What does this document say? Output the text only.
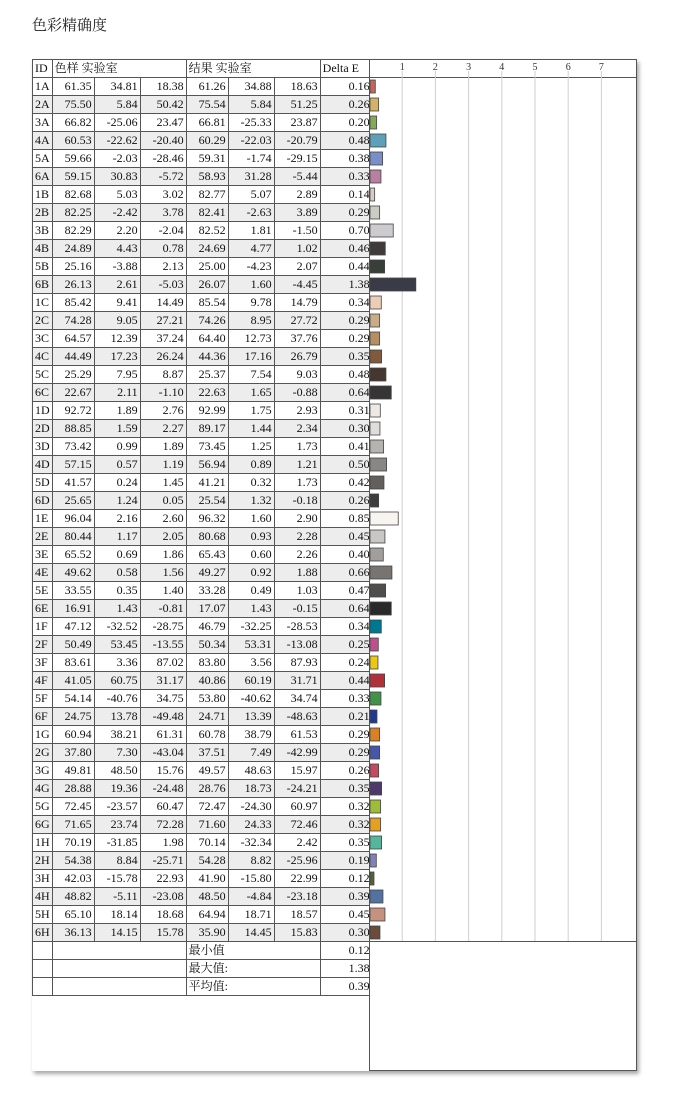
色彩精确度
ID	色样 实验室			结果 实验室			Delta E
1A	61.35	34.81	18.38	61.26	34.88	18.63	0.16
2A	75.50	5.84	50.42	75.54	5.84	51.25	0.26
3A	66.82	-25.06	23.47	66.81	-25.33	23.87	0.20
4A	60.53	-22.62	-20.40	60.29	-22.03	-20.79	0.48
5A	59.66	-2.03	-28.46	59.31	-1.74	-29.15	0.38
6A	59.15	30.83	-5.72	58.93	31.28	-5.44	0.33
1B	82.68	5.03	3.02	82.77	5.07	2.89	0.14
2B	82.25	-2.42	3.78	82.41	-2.63	3.89	0.29
3B	82.29	2.20	-2.04	82.52	1.81	-1.50	0.70
4B	24.89	4.43	0.78	24.69	4.77	1.02	0.46
5B	25.16	-3.88	2.13	25.00	-4.23	2.07	0.44
6B	26.13	2.61	-5.03	26.07	1.60	-4.45	1.38
1C	85.42	9.41	14.49	85.54	9.78	14.79	0.34
2C	74.28	9.05	27.21	74.26	8.95	27.72	0.29
3C	64.57	12.39	37.24	64.40	12.73	37.76	0.29
4C	44.49	17.23	26.24	44.36	17.16	26.79	0.35
5C	25.29	7.95	8.87	25.37	7.54	9.03	0.48
6C	22.67	2.11	-1.10	22.63	1.65	-0.88	0.64
1D	92.72	1.89	2.76	92.99	1.75	2.93	0.31
2D	88.85	1.59	2.27	89.17	1.44	2.34	0.30
3D	73.42	0.99	1.89	73.45	1.25	1.73	0.41
4D	57.15	0.57	1.19	56.94	0.89	1.21	0.50
5D	41.57	0.24	1.45	41.21	0.32	1.73	0.42
6D	25.65	1.24	0.05	25.54	1.32	-0.18	0.26
1E	96.04	2.16	2.60	96.32	1.60	2.90	0.85
2E	80.44	1.17	2.05	80.68	0.93	2.28	0.45
3E	65.52	0.69	1.86	65.43	0.60	2.26	0.40
4E	49.62	0.58	1.56	49.27	0.92	1.88	0.66
5E	33.55	0.35	1.40	33.28	0.49	1.03	0.47
6E	16.91	1.43	-0.81	17.07	1.43	-0.15	0.64
1F	47.12	-32.52	-28.75	46.79	-32.25	-28.53	0.34
2F	50.49	53.45	-13.55	50.34	53.31	-13.08	0.25
3F	83.61	3.36	87.02	83.80	3.56	87.93	0.24
4F	41.05	60.75	31.17	40.86	60.19	31.71	0.44
5F	54.14	-40.76	34.75	53.80	-40.62	34.74	0.33
6F	24.75	13.78	-49.48	24.71	13.39	-48.63	0.21
1G	60.94	38.21	61.31	60.78	38.79	61.53	0.29
2G	37.80	7.30	-43.04	37.51	7.49	-42.99	0.29
3G	49.81	48.50	15.76	49.57	48.63	15.97	0.26
4G	28.88	19.36	-24.48	28.76	18.73	-24.21	0.35
5G	72.45	-23.57	60.47	72.47	-24.30	60.97	0.32
6G	71.65	23.74	72.28	71.60	24.33	72.46	0.32
1H	70.19	-31.85	1.98	70.14	-32.34	2.42	0.35
2H	54.38	8.84	-25.71	54.28	8.82	-25.96	0.19
3H	42.03	-15.78	22.93	41.90	-15.80	22.99	0.12
4H	48.82	-5.11	-23.08	48.50	-4.84	-23.18	0.39
5H	65.10	18.14	18.68	64.94	18.71	18.57	0.45
6H	36.13	14.15	15.78	35.90	14.45	15.83	0.30
				最小值			0.12
				最大值:			1.38
				平均值:			0.39
1	2	3	4	5	6	7
